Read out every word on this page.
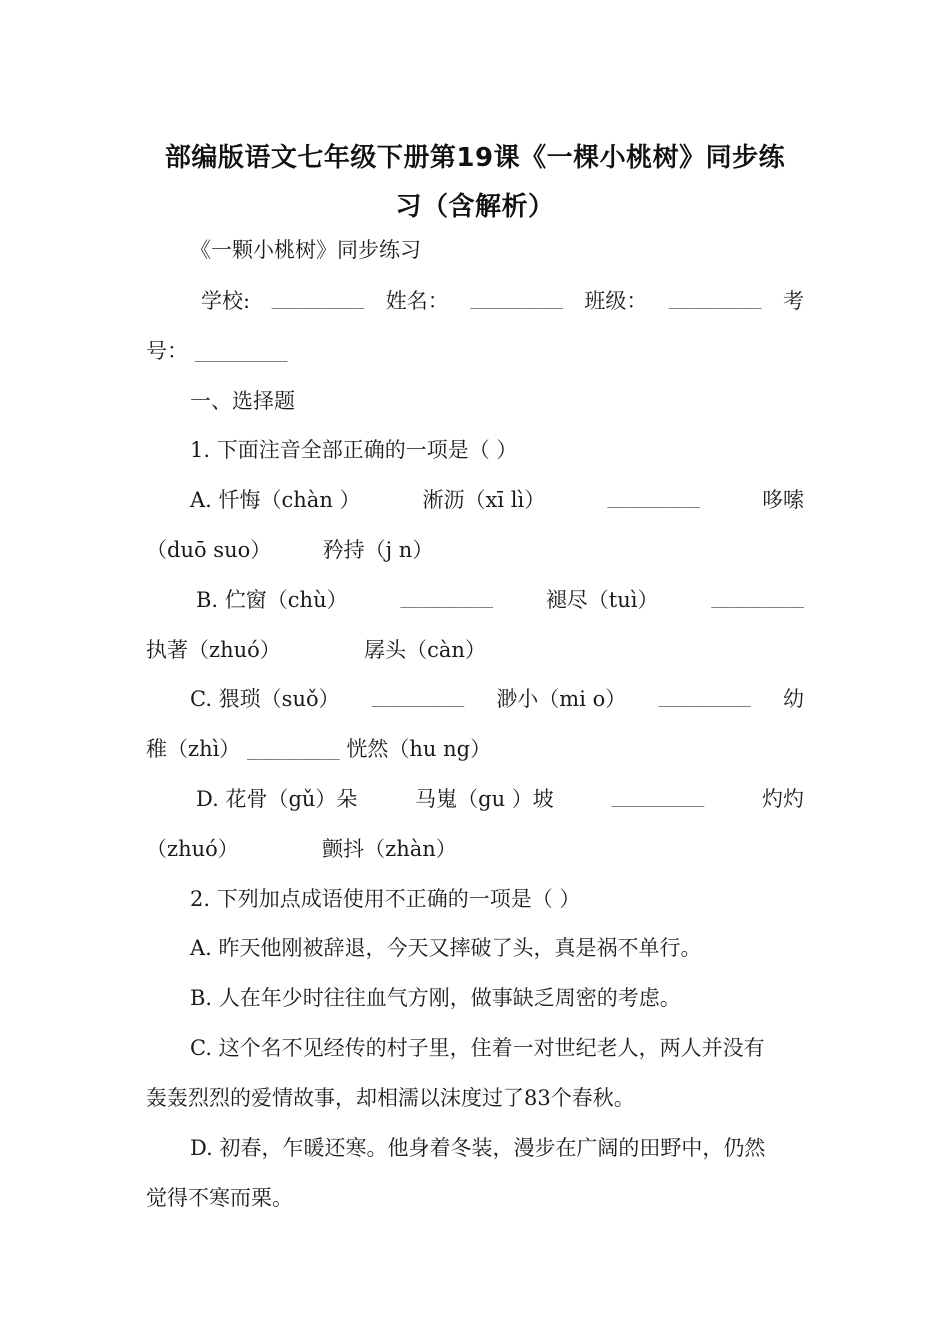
部编版语文七年级下册第19课《一棵小桃树》同步练
习（含解析）
《一颗小桃树》同步练习
学校: ___________ 姓名： ___________ 班级： ___________ 考
号： ___________
一、选择题
1. 下面注音全部正确的一项是（ ）
A. 忏悔（chàn ）	淅沥（xī lì）	___________	哆嗦
（duō suo） 矜持（j n）
B. 伫窗（chù）	___________	褪尽（tuì）	___________
执著（zhuó）	孱头（càn）
C. 猥琐（suǒ） ___________ 渺小（mi o） ___________ 幼
稚（zhì） ___________ 恍然（hu ng）
D. 花骨（gǔ）朵	马嵬（gu ）坡	___________	灼灼
（zhuó）	颤抖（zhàn）
2. 下列加点成语使用不正确的一项是（ ）
A. 昨天他刚被辞退，今天又摔破了头，真是祸不单行。
B. 人在年少时往往血气方刚，做事缺乏周密的考虑。
C. 这个名不见经传的村子里，住着一对世纪老人，两人并没有
轰轰烈烈的爱情故事，却相濡以沫度过了83个春秋。
D. 初春，乍暖还寒。他身着冬装，漫步在广阔的田野中，仍然
觉得不寒而栗。
